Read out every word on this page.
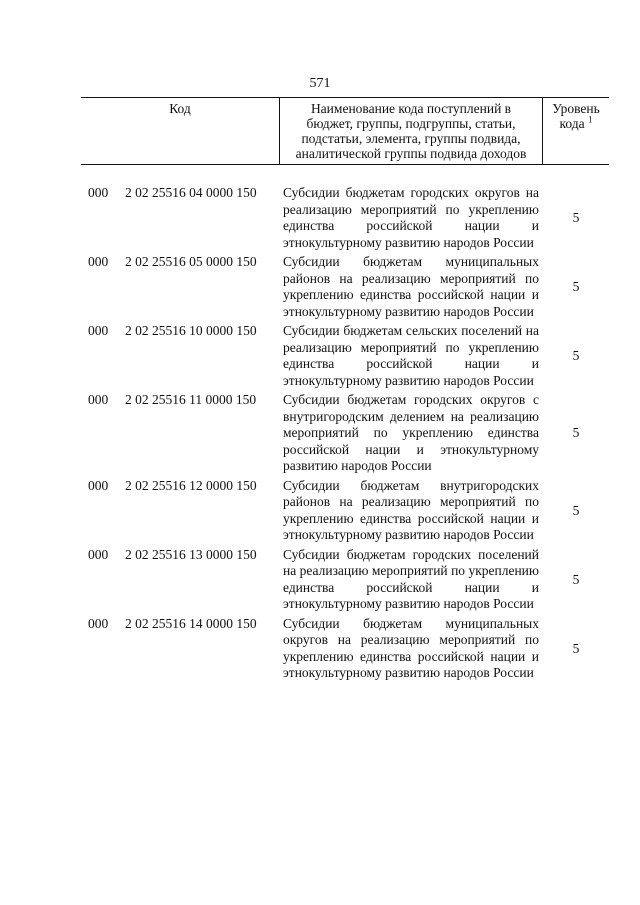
571
Код	Наименование кода поступлений в
бюджет, группы, подгруппы, статьи,
подстатьи, элемента, группы подвида,
аналитической группы подвида доходов
Уровень
кода $^1$
000 2 02 25516 04 0000 150 Субсидии бюджетам городских округов на реализацию мероприятий по укреплению единства российской нации и этнокультурному развитию народов России
5
000 2 02 25516 05 0000 150 Субсидии бюджетам муниципальных районов на реализацию мероприятий по укреплению единства российской нации и этнокультурному развитию народов России
5
000 2 02 25516 10 0000 150 Субсидии бюджетам сельских поселений на реализацию мероприятий по укреплению единства российской нации и этнокультурному развитию народов России
5
000 2 02 25516 11 0000 150 Субсидии бюджетам городских округов с внутригородским делением на реализацию мероприятий по укреплению единства российской нации и этнокультурному развитию народов России
5
000 2 02 25516 12 0000 150 Субсидии бюджетам внутригородских районов на реализацию мероприятий по укреплению единства российской нации и этнокультурному развитию народов России
5
000 2 02 25516 13 0000 150 Субсидии бюджетам городских поселений на реализацию мероприятий по укреплению единства российской нации и этнокультурному развитию народов России
5
000 2 02 25516 14 0000 150 Субсидии бюджетам муниципальных округов на реализацию мероприятий по укреплению единства российской нации и этнокультурному развитию народов России
5
